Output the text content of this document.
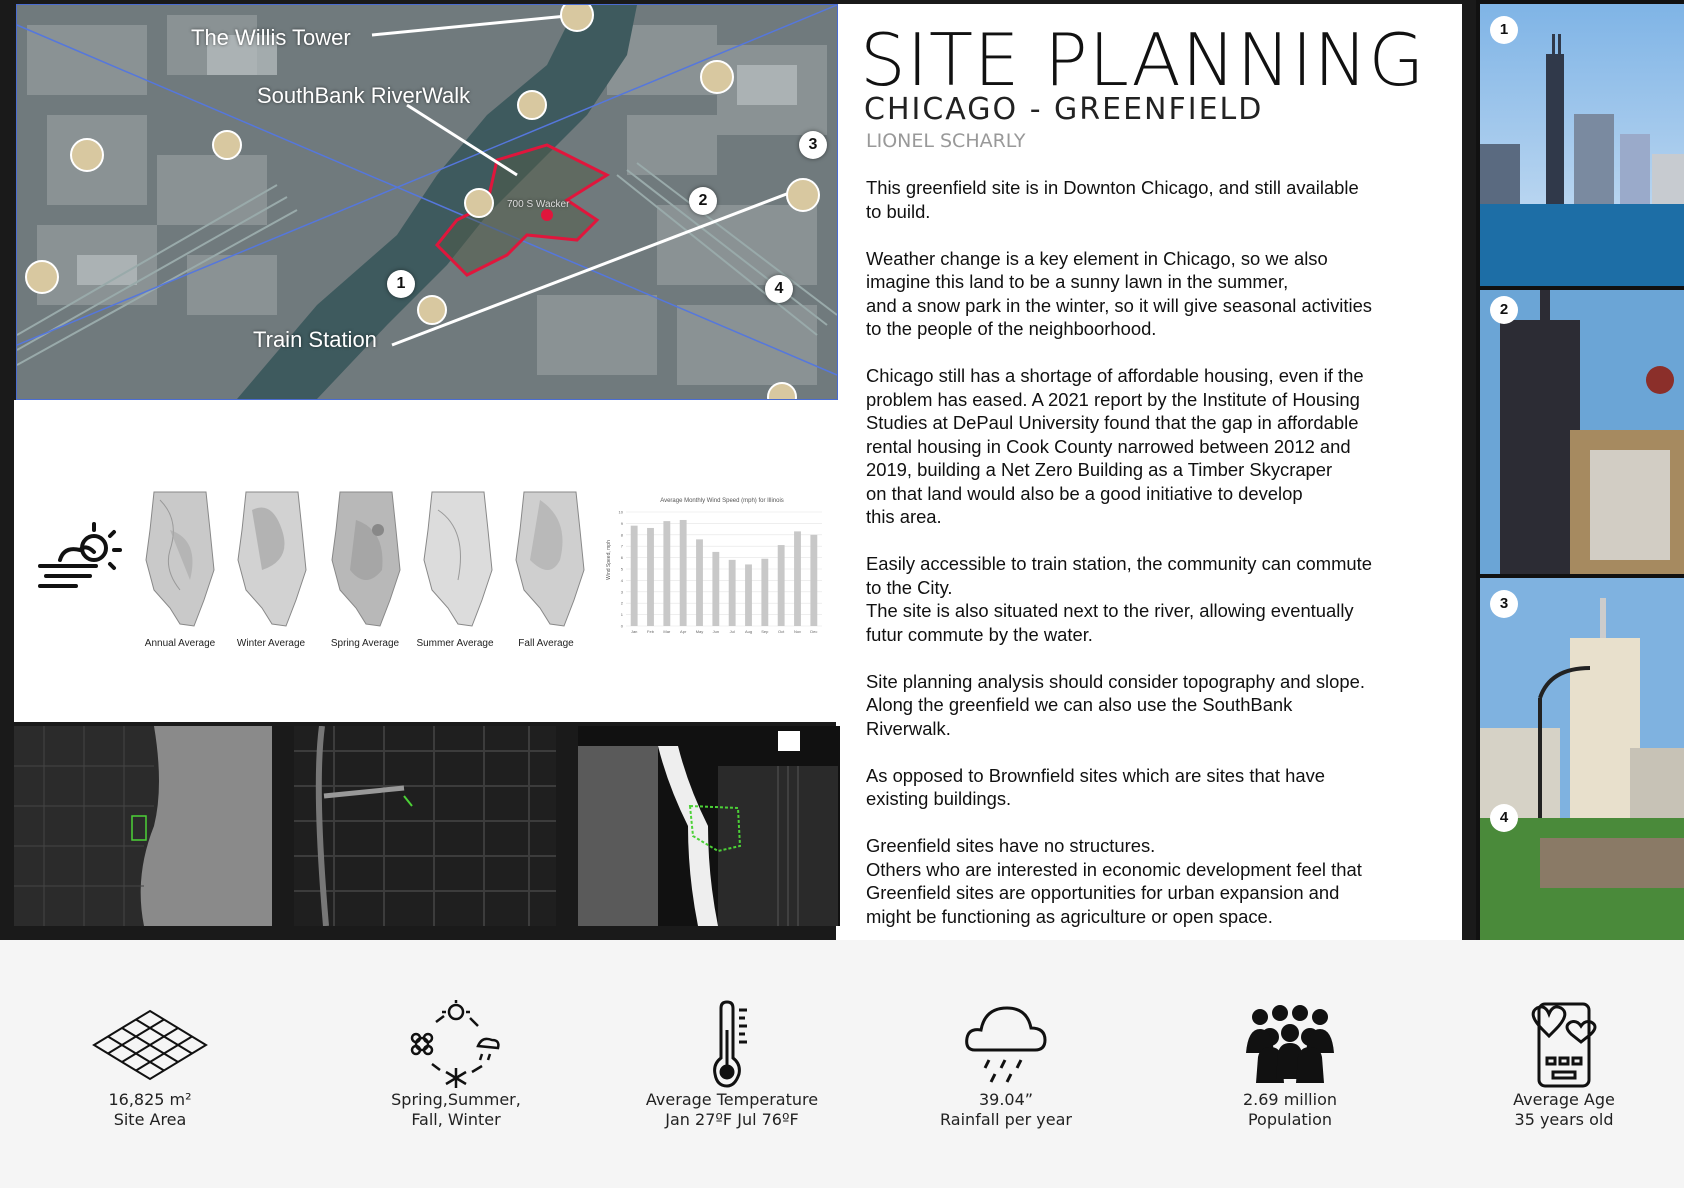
The Willis Tower
SouthBank RiverWalk
Train Station
700 S Wacker
1
2
3
4
SITE PLANNING
CHICAGO - GREENFIELD
LIONEL SCHARLY

This greenfield site is in Downton Chicago, and still available
to build.

Weather change is a key element in Chicago, so we also
imagine this land to be a sunny lawn in the summer,
and a snow park in the winter, so it will give seasonal activities
to the people of the neighboorhood.

Chicago still has a shortage of affordable housing, even if the
problem has eased. A 2021 report by the Institute of Housing
Studies at DePaul University found that the gap in affordable
rental housing in Cook County narrowed between 2012 and
2019, building a Net Zero Building as a Timber Skycraper
on that land would also be a good initiative to develop
this area.

Easily accessible to train station, the community can commute
to the City.
The site is also situated next to the river, allowing eventually
futur commute by the water.

Site planning analysis should consider topography and slope.
Along the greenfield we can also use the SouthBank
Riverwalk.

As opposed to Brownfield sites which are sites that have
existing buildings.

Greenfield sites have no structures.
Others who are interested in economic development feel that
Greenfield sites are opportunities for urban expansion and
might be functioning as agriculture or open space.

Annual Average	Winter Average	Spring Average	Summer Average	Fall Average
Average Monthly Wind Speed (mph) for Illinois
Wind Speed, mph
Jan Feb Mar Apr May Jun	Jul	Aug Sep Oct Nov Dec
0
1
2
3
4
5
6
7
8
9
10
1
2
3
4
16,825 m²
Site Area
Spring,Summer,
Fall, Winter
Average Temperature
Jan 27ºF Jul 76ºF
39.04”
Rainfall per year
2.69 million
Population
Average Age
35 years old
